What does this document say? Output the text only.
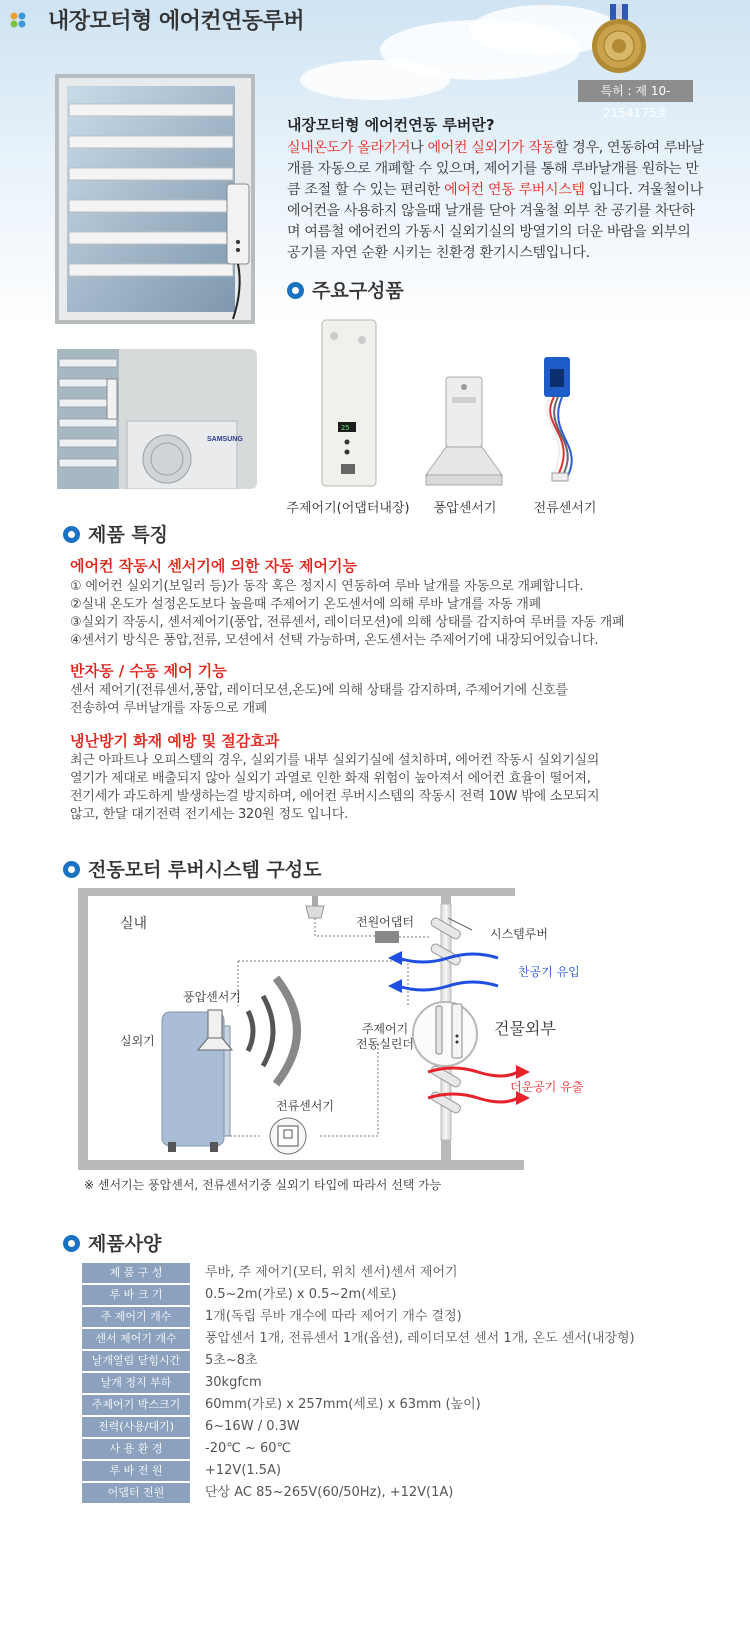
내장모터형 에어컨연동루버
특허 : 제 10-2154175호
내장모터형 에어컨연동 루버란?
실내온도가 올라가거나 에어컨 실외기가 작동할 경우, 연동하여 루바날개를 자동으로 개폐할 수 있으며, 제어기를 통해 루바날개를 원하는 만큼 조절 할 수 있는 편리한 에어컨 연동 루버시스템 입니다. 겨울철이나 에어컨을 사용하지 않을때 날개를 닫아 겨울철 외부 찬 공기를 차단하며 여름철 에어컨의 가동시 실외기실의 방열기의 더운 바람을 외부의 공기를 자연 순환 시키는 친환경 환기시스템입니다.
주요구성품
SAMSUNG
25
주제어기(어댑터내장)	풍압센서기	전류센서기
제품 특징
에어컨 작동시 센서기에 의한 자동 제어기능
① 에어컨 실외기(보일러 등)가 동작 혹은 정지시 연동하여 루바 날개를 자동으로 개폐합니다.
②실내 온도가 설정온도보다 높을때 주제어기 온도센서에 의해 루바 날개를 자동 개폐
③실외기 작동시, 센서제어기(풍압, 전류센서, 레이더모션)에 의해 상태를 감지하여 루버를 자동 개폐
④센서기 방식은 풍압,전류, 모션에서 선택 가능하며, 온도센서는 주제어기에 내장되어있습니다.
반자동 / 수동 제어 기능
센서 제어기(전류센서,풍압, 레이더모션,온도)에 의해 상태를 감지하며, 주제어기에 신호를
전송하여 루버날개를 자동으로 개폐
냉난방기 화재 예방 및 절감효과
최근 아파트나 오피스텔의 경우, 실외기를 내부 실외기실에 설치하며, 에어컨 작동시 실외기실의
열기가 제대로 배출되지 않아 실외기 과열로 인한 화재 위험이 높아져서 에어컨 효율이 떨어져,
전기세가 과도하게 발생하는걸 방지하며, 에어컨 루버시스템의 작동시 전력 10W 밖에 소모되지
않고, 한달 대기전력 전기세는 320원 정도 입니다.
전동모터 루버시스템 구성도
실내	전원어댑터
시스템루버
찬공기 유입
풍압센서기
실외기
주제어기
전동실린더
건물외부
더운공기 유출
전류센서기
※ 센서기는 풍압센서, 전류센서기중 실외기 타입에 따라서 선택 가능
제품사양
제 품 구 성	루바, 주 제어기(모터, 위치 센서)센서 제어기
루 바 크 기	0.5~2m(가로) x 0.5~2m(세로)
주 제어기 개수	1개(독립 루바 개수에 따라 제어기 개수 결정)
센서 제어기 개수	풍압센서 1개, 전류센서 1개(옵션), 레이더모션 센서 1개, 온도 센서(내장형)
날개열림 닫힘시간	5초~8초
날개 정지 부하	30kgfcm
주제어기 박스크기	60mm(가로) x 257mm(세로) x 63mm (높이)
전력(사용/대기)	6~16W / 0.3W
사 용 환 경	-20℃ ~ 60℃
루 바 전 원	+12V(1.5A)
어댑터 전원	단상 AC 85~265V(60/50Hz), +12V(1A)
